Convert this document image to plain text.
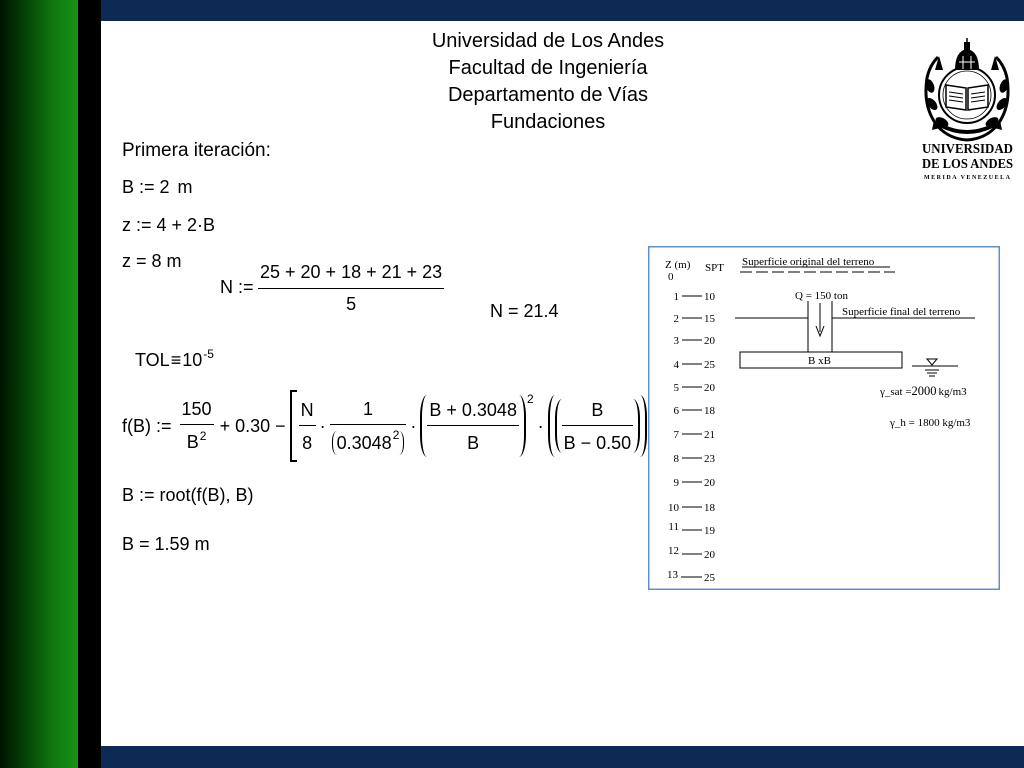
Universidad de Los Andes
Facultad de Ingeniería
Departamento de Vías
Fundaciones
UNIVERSIDAD
DE LOS ANDES
MERIDA VENEZUELA
Primera iteración:
B := 2 m
z := 4 + 2·B
z = 8 m
N := $\frac{25 + 20 + 18 + 21 + 23}{5}$	N = 21.4
$TOL\equiv 10^{-5}$
f(B) := $\frac{150}{B^2} + 0.30 - \frac{N}{8} \cdot \frac{1}{0.3048 2} \cdot \frac{B + 0.3048}{B} 2$
· $\frac{B}{B - 0.50}$
B := root(f(B), B)
B = 1.59 m
Z (m) SPT
0
Superficie original del terreno
1 10
2 15
3 20
4 25
5 20
6 18
7 21
8 23
9 20
10 18
11 19
12 20
13 25
Q = 150 ton
Superficie final del terreno
B xB
γ_sat =2000 kg/m3
γ_h = 1800 kg/m3
